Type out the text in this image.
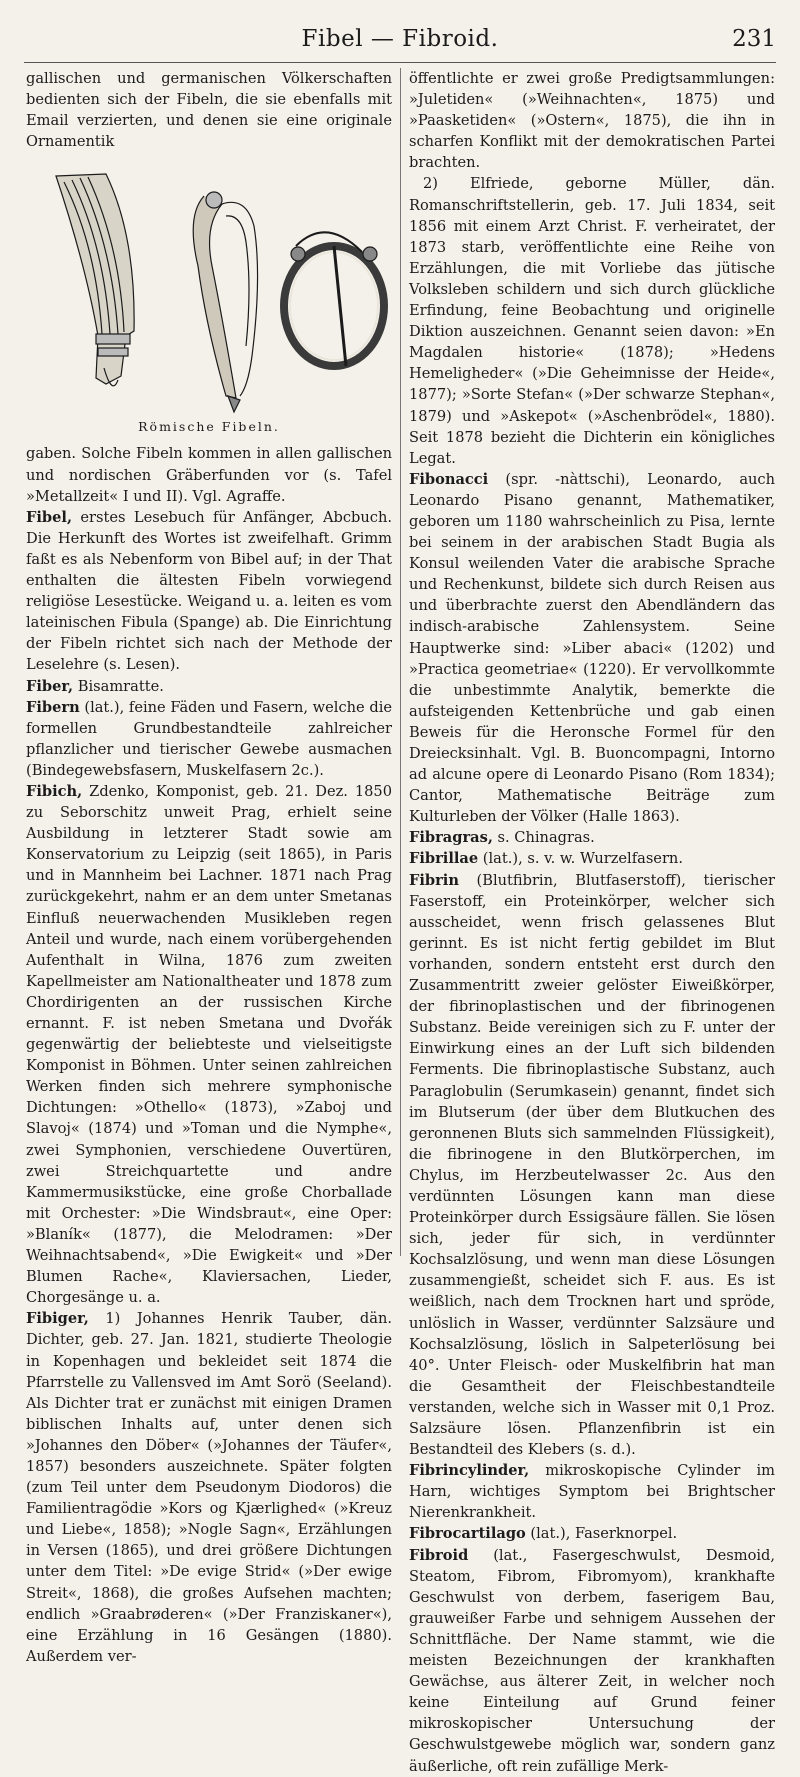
Fibel — Fibroid.	231

gallischen und germanischen Völkerschaften bedienten sich der Fibeln, die sie ebenfalls mit Email verzierten, und denen sie eine originale Ornamentik

Römische Fibeln.

gaben. Solche Fibeln kommen in allen gallischen und nordischen Gräberfunden vor (s. Tafel »Metallzeit« I und II). Vgl. Agraffe.

Fibel, erstes Lesebuch für Anfänger, Abcbuch. Die Herkunft des Wortes ist zweifelhaft. Grimm faßt es als Nebenform von Bibel auf; in der That enthalten die ältesten Fibeln vorwiegend religiöse Lesestücke. Weigand u. a. leiten es vom lateinischen Fibula (Spange) ab. Die Einrichtung der Fibeln richtet sich nach der Methode der Leselehre (s. Lesen).

Fiber, Bisamratte.

Fibern (lat.), feine Fäden und Fasern, welche die formellen Grundbestandteile zahlreicher pflanzlicher und tierischer Gewebe ausmachen (Bindegewebsfasern, Muskelfasern 2c.).

Fibich, Zdenko, Komponist, geb. 21. Dez. 1850 zu Seborschitz unweit Prag, erhielt seine Ausbildung in letzterer Stadt sowie am Konservatorium zu Leipzig (seit 1865), in Paris und in Mannheim bei Lachner. 1871 nach Prag zurückgekehrt, nahm er an dem unter Smetanas Einfluß neuerwachenden Musikleben regen Anteil und wurde, nach einem vorübergehenden Aufenthalt in Wilna, 1876 zum zweiten Kapellmeister am Nationaltheater und 1878 zum Chordirigenten an der russischen Kirche ernannt. F. ist neben Smetana und Dvořák gegenwärtig der beliebteste und vielseitigste Komponist in Böhmen. Unter seinen zahlreichen Werken finden sich mehrere symphonische Dichtungen: »Othello« (1873), »Zaboj und Slavoj« (1874) und »Toman und die Nymphe«, zwei Symphonien, verschiedene Ouvertüren, zwei Streichquartette und andre Kammermusikstücke, eine große Chorballade mit Orchester: »Die Windsbraut«, eine Oper: »Blaník« (1877), die Melodramen: »Der Weihnachtsabend«, »Die Ewigkeit« und »Der Blumen Rache«, Klaviersachen, Lieder, Chorgesänge u. a.

Fibiger, 1) Johannes Henrik Tauber, dän. Dichter, geb. 27. Jan. 1821, studierte Theologie in Kopenhagen und bekleidet seit 1874 die Pfarrstelle zu Vallensved im Amt Sorö (Seeland). Als Dichter trat er zunächst mit einigen Dramen biblischen Inhalts auf, unter denen sich »Johannes den Döber« (»Johannes der Täufer«, 1857) besonders auszeichnete. Später folgten (zum Teil unter dem Pseudonym Diodoros) die Familientragödie »Kors og Kjærlighed« (»Kreuz und Liebe«, 1858); »Nogle Sagn«, Erzählungen in Versen (1865), und drei größere Dichtungen unter dem Titel: »De evige Strid« (»Der ewige Streit«, 1868), die großes Aufsehen machten; endlich »Graabrøderen« (»Der Franziskaner«), eine Erzählung in 16 Gesängen (1880). Außerdem ver-

öffentlichte er zwei große Predigtsammlungen: »Juletiden« (»Weihnachten«, 1875) und »Paasketiden« (»Ostern«, 1875), die ihn in scharfen Konflikt mit der demokratischen Partei brachten.

2) Elfriede, geborne Müller, dän. Romanschriftstellerin, geb. 17. Juli 1834, seit 1856 mit einem Arzt Christ. F. verheiratet, der 1873 starb, veröffentlichte eine Reihe von Erzählungen, die mit Vorliebe das jütische Volksleben schildern und sich durch glückliche Erfindung, feine Beobachtung und originelle Diktion auszeichnen. Genannt seien davon: »En Magdalen historie« (1878); »Hedens Hemeligheder« (»Die Geheimnisse der Heide«, 1877); »Sorte Stefan« (»Der schwarze Stephan«, 1879) und »Askepot« (»Aschenbrödel«, 1880). Seit 1878 bezieht die Dichterin ein königliches Legat.

Fibonacci (spr. -nàttschi), Leonardo, auch Leonardo Pisano genannt, Mathematiker, geboren um 1180 wahrscheinlich zu Pisa, lernte bei seinem in der arabischen Stadt Bugia als Konsul weilenden Vater die arabische Sprache und Rechenkunst, bildete sich durch Reisen aus und überbrachte zuerst den Abendländern das indisch-arabische Zahlensystem. Seine Hauptwerke sind: »Liber abaci« (1202) und »Practica geometriae« (1220). Er vervollkommte die unbestimmte Analytik, bemerkte die aufsteigenden Kettenbrüche und gab einen Beweis für die Heronsche Formel für den Dreiecksinhalt. Vgl. B. Buoncompagni, Intorno ad alcune opere di Leonardo Pisano (Rom 1834); Cantor, Mathematische Beiträge zum Kulturleben der Völker (Halle 1863).

Fibragras, s. Chinagras.

Fibrillae (lat.), s. v. w. Wurzelfasern.

Fibrin (Blutfibrin, Blutfaserstoff), tierischer Faserstoff, ein Proteinkörper, welcher sich ausscheidet, wenn frisch gelassenes Blut gerinnt. Es ist nicht fertig gebildet im Blut vorhanden, sondern entsteht erst durch den Zusammentritt zweier gelöster Eiweißkörper, der fibrinoplastischen und der fibrinogenen Substanz. Beide vereinigen sich zu F. unter der Einwirkung eines an der Luft sich bildenden Ferments. Die fibrinoplastische Substanz, auch Paraglobulin (Serumkasein) genannt, findet sich im Blutserum (der über dem Blutkuchen des geronnenen Bluts sich sammelnden Flüssigkeit), die fibrinogene in den Blutkörperchen, im Chylus, im Herzbeutelwasser 2c. Aus den verdünnten Lösungen kann man diese Proteinkörper durch Essigsäure fällen. Sie lösen sich, jeder für sich, in verdünnter Kochsalzlösung, und wenn man diese Lösungen zusammengießt, scheidet sich F. aus. Es ist weißlich, nach dem Trocknen hart und spröde, unlöslich in Wasser, verdünnter Salzsäure und Kochsalzlösung, löslich in Salpeterlösung bei 40°. Unter Fleisch- oder Muskelfibrin hat man die Gesamtheit der Fleischbestandteile verstanden, welche sich in Wasser mit 0,1 Proz. Salzsäure lösen. Pflanzenfibrin ist ein Bestandteil des Klebers (s. d.).

Fibrincylinder, mikroskopische Cylinder im Harn, wichtiges Symptom bei Brightscher Nierenkrankheit.

Fibrocartilago (lat.), Faserknorpel.

Fibroid (lat., Fasergeschwulst, Desmoid, Steatom, Fibrom, Fibromyom), krankhafte Geschwulst von derbem, faserigem Bau, grauweißer Farbe und sehnigem Aussehen der Schnittfläche. Der Name stammt, wie die meisten Bezeichnungen der krankhaften Gewächse, aus älterer Zeit, in welcher noch keine Einteilung auf Grund feiner mikroskopischer Untersuchung der Geschwulstgewebe möglich war, sondern ganz äußerliche, oft rein zufällige Merk-
